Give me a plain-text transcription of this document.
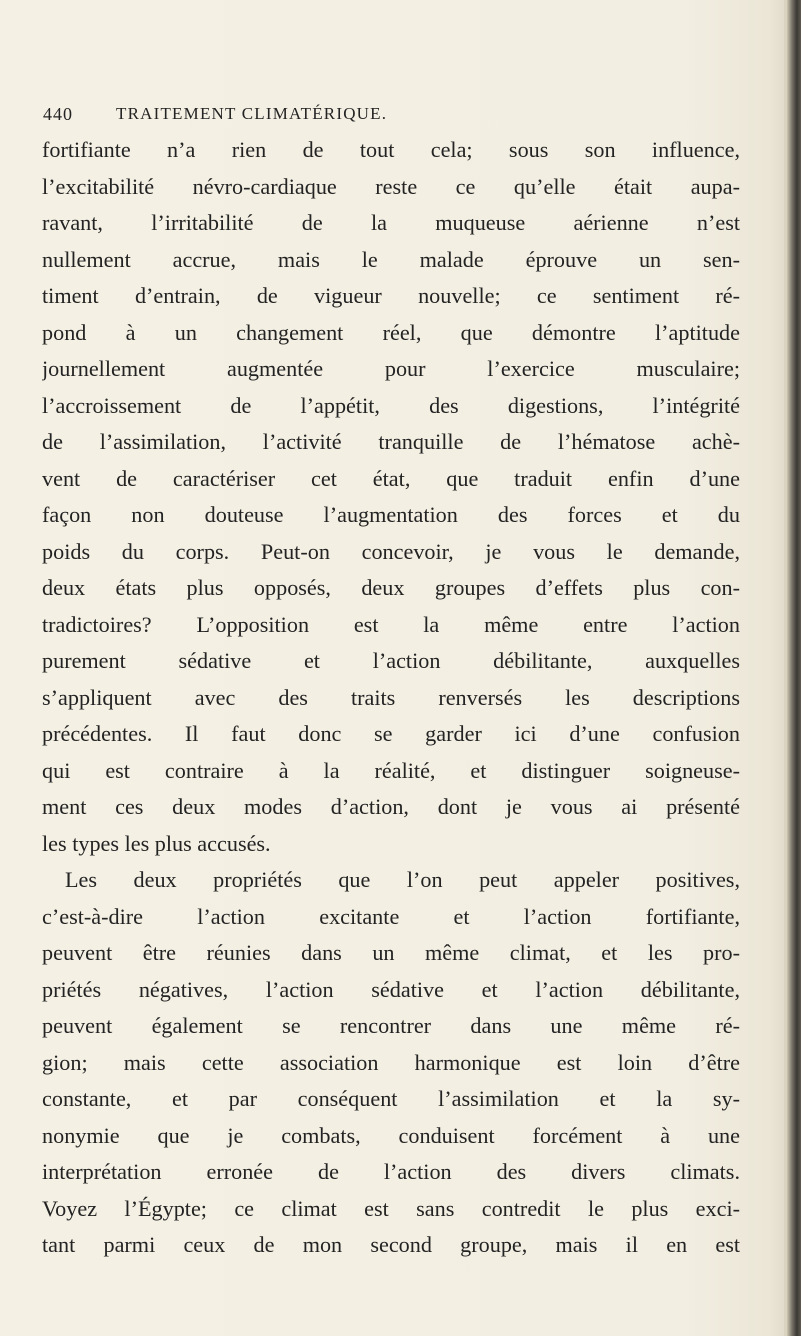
440	TRAITEMENT CLIMATÉRIQUE.
fortifiante n’a rien de tout cela; sous son influence,
l’excitabilité névro-cardiaque reste ce qu’elle était aupa-
ravant, l’irritabilité de la muqueuse aérienne n’est
nullement accrue, mais le malade éprouve un sen-
timent d’entrain, de vigueur nouvelle; ce sentiment ré-
pond à un changement réel, que démontre l’aptitude
journellement augmentée pour l’exercice musculaire;
l’accroissement de l’appétit, des digestions, l’intégrité
de l’assimilation, l’activité tranquille de l’hématose achè-
vent de caractériser cet état, que traduit enfin d’une
façon non douteuse l’augmentation des forces et du
poids du corps. Peut-on concevoir, je vous le demande,
deux états plus opposés, deux groupes d’effets plus con-
tradictoires? L’opposition est la même entre l’action
purement sédative et l’action débilitante, auxquelles
s’appliquent avec des traits renversés les descriptions
précédentes. Il faut donc se garder ici d’une confusion
qui est contraire à la réalité, et distinguer soigneuse-
ment ces deux modes d’action, dont je vous ai présenté
les types les plus accusés.
Les deux propriétés que l’on peut appeler positives,
c’est-à-dire l’action excitante et l’action fortifiante,
peuvent être réunies dans un même climat, et les pro-
priétés négatives, l’action sédative et l’action débilitante,
peuvent également se rencontrer dans une même ré-
gion; mais cette association harmonique est loin d’être
constante, et par conséquent l’assimilation et la sy-
nonymie que je combats, conduisent forcément à une
interprétation erronée de l’action des divers climats.
Voyez l’Égypte; ce climat est sans contredit le plus exci-
tant parmi ceux de mon second groupe, mais il en est
